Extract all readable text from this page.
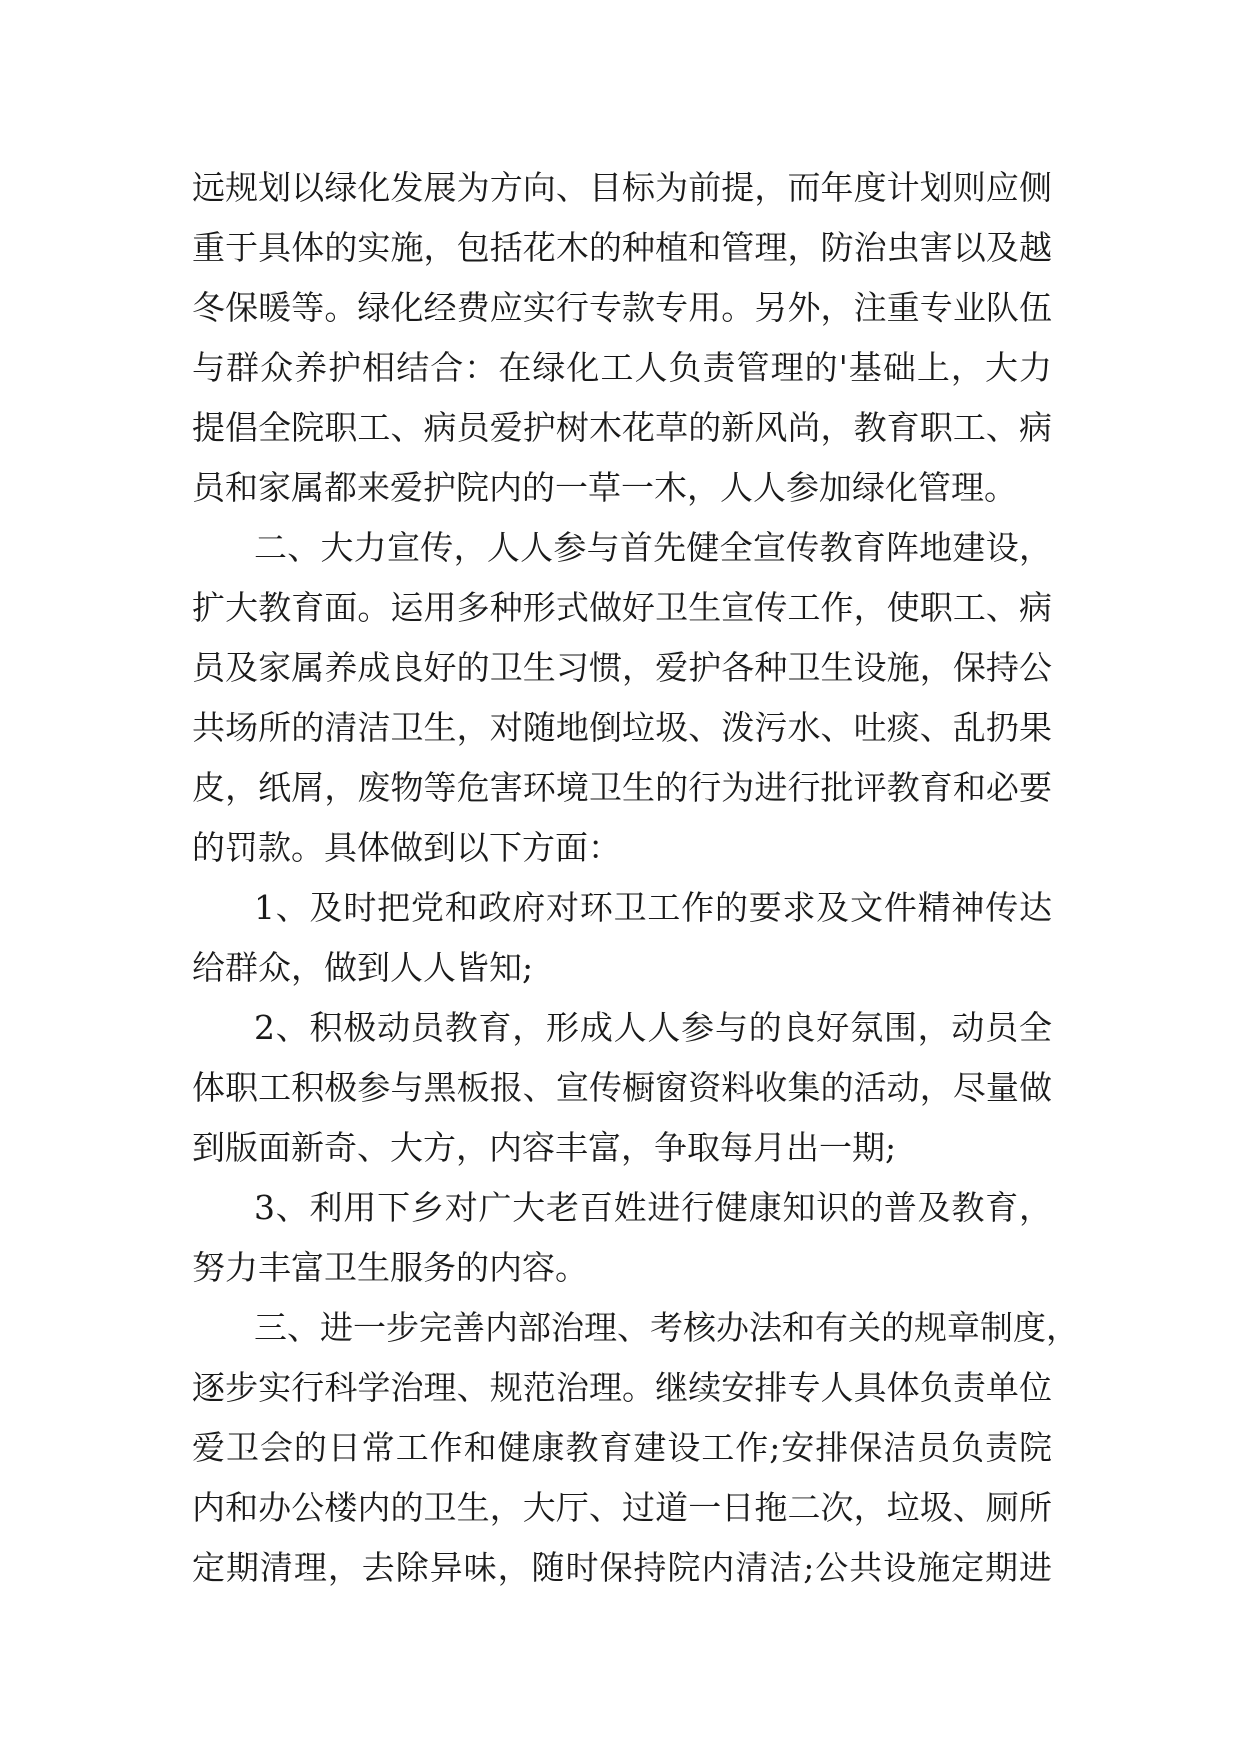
远规划以绿化发展为方向、目标为前提，而年度计划则应侧
重于具体的实施，包括花木的种植和管理，防治虫害以及越
冬保暖等。绿化经费应实行专款专用。另外，注重专业队伍
与群众养护相结合：在绿化工人负责管理的'基础上，大力
提倡全院职工、病员爱护树木花草的新风尚，教育职工、病
员和家属都来爱护院内的一草一木，人人参加绿化管理。
二、大力宣传，人人参与首先健全宣传教育阵地建设，
扩大教育面。运用多种形式做好卫生宣传工作，使职工、病
员及家属养成良好的卫生习惯，爱护各种卫生设施，保持公
共场所的清洁卫生，对随地倒垃圾、泼污水、吐痰、乱扔果
皮，纸屑，废物等危害环境卫生的行为进行批评教育和必要
的罚款。具体做到以下方面：
1、及时把党和政府对环卫工作的要求及文件精神传达
给群众，做到人人皆知;
2、积极动员教育，形成人人参与的良好氛围，动员全
体职工积极参与黑板报、宣传橱窗资料收集的活动，尽量做
到版面新奇、大方，内容丰富，争取每月出一期;
3、利用下乡对广大老百姓进行健康知识的普及教育，
努力丰富卫生服务的内容。
三、进一步完善内部治理、考核办法和有关的规章制度，
逐步实行科学治理、规范治理。继续安排专人具体负责单位
爱卫会的日常工作和健康教育建设工作;安排保洁员负责院
内和办公楼内的卫生，大厅、过道一日拖二次，垃圾、厕所
定期清理，去除异味，随时保持院内清洁;公共设施定期进
